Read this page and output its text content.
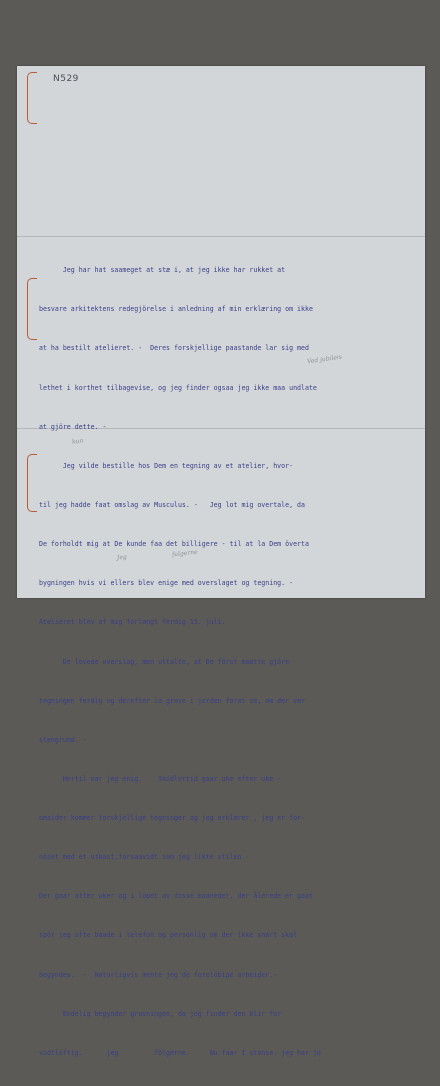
N529

Jeg har hat saameget at stæ i, at jeg ikke har rukket at

besvare arkitektens redegjörelse i anledning af min erklæring om ikke

at ha bestilt atelieret. -  Deres forskjellige paastande lar sig med

lethet i korthet tilbagevise, og jeg finder ogsaa jeg ikke maa undlate

at gjöre dette. -

Jeg vilde bestille hos Dem en tegning av et atelier, hvor-

til jeg hadde faat omslag av Musculus. -   Jeg lot mig overtale, da

De forholdt mig at De kunde faa det billigere - til at la Dem överta

bygningen hvis vi ellers blev enige med overslaget og tegning. -

Atelieret blev af mig forlangt ferdig 15. juli.

De lovede overslag, men uttalte, at De först maatte gjöre

tegningen ferdig og derefter la grave i jorden forat se, om der var

stengrund. -

Hertil var jeg enig.    Imidlertid gaar uke efter uke -

omsider kommer forskjellige tegninger og jeg erklærer , jeg er for-

nöiet med et utkast,forsaavidt som jeg likte stilen.-

Der gaar atter uker og i löpet av disse maaneder, der ålerede er gaat

spör jeg ofte baade i telefon og personlig om der ikke snart skal

begyndes.  -  Naturligvis mente jeg de forelöbige arbeider.-

Endelig begynder gravningen, da jeg finder den blir for

vidtlöftig.      jeg         fölgerne.     Nu faar I stanse. jeg har jo

Ved jubileis
kun
Jeg	fulgerne
